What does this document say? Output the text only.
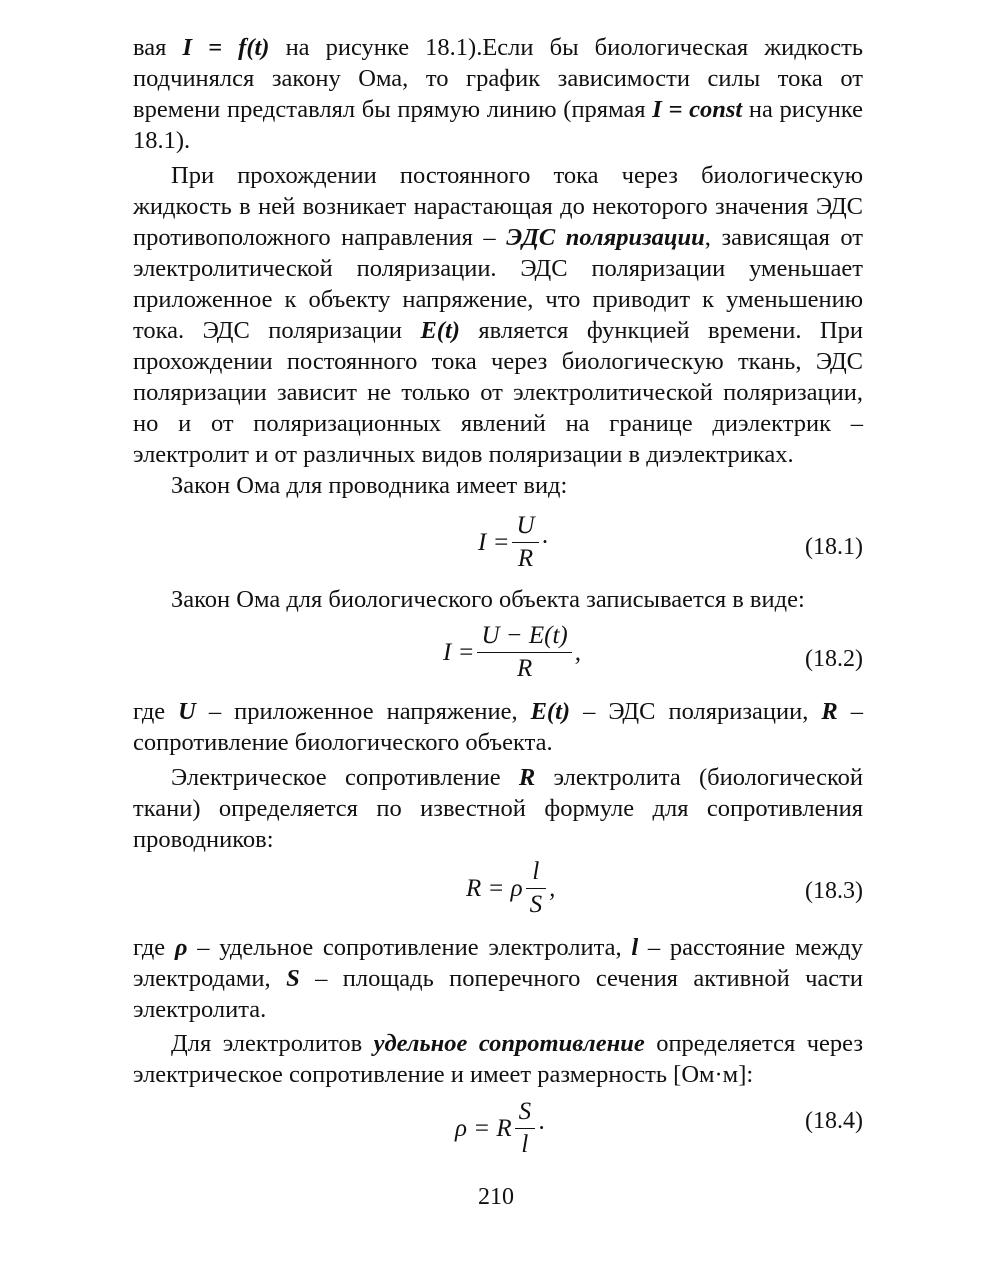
вая I = f(t) на рисунке 18.1).Если бы биологическая жидкость подчинялся закону Ома, то график зависимости силы тока от времени представлял бы прямую линию (прямая I = const на рисунке 18.1).

При прохождении постоянного тока через биологическую жидкость в ней возникает нарастающая до некоторого значения ЭДС противоположного направления – ЭДС поляризации, зависящая от электролитической поляризации. ЭДС поляризации уменьшает приложенное к объекту напряжение, что приводит к уменьшению тока. ЭДС поляризации E(t) является функцией времени. При прохождении постоянного тока через биологическую ткань, ЭДС поляризации зависит не только от электролитической поляризации, но и от поляризационных явлений на границе диэлектрик – электролит и от различных видов поляризации в диэлектриках.

Закон Ома для проводника имеет вид:

$I = \frac{U}{R}$ ·	(18.1)

Закон Ома для биологического объекта записывается в виде:

$I = \frac{U - E(t)}{R}$ ,	(18.2)

где U – приложенное напряжение, E(t) – ЭДС поляризации, R – сопротивление биологического объекта.

Электрическое сопротивление R электролита (биологической ткани) определяется по известной формуле для сопротивления проводников:

R = ρ $\frac{l}{S}$ ,	(18.3)

где ρ – удельное сопротивление электролита, l – расстояние между электродами, S – площадь поперечного сечения активной части электролита.

Для электролитов удельное сопротивление определяется через электрическое сопротивление и имеет размерность [Ом·м]:

ρ = R $\frac{S}{l}$ ·	(18.4)
210
